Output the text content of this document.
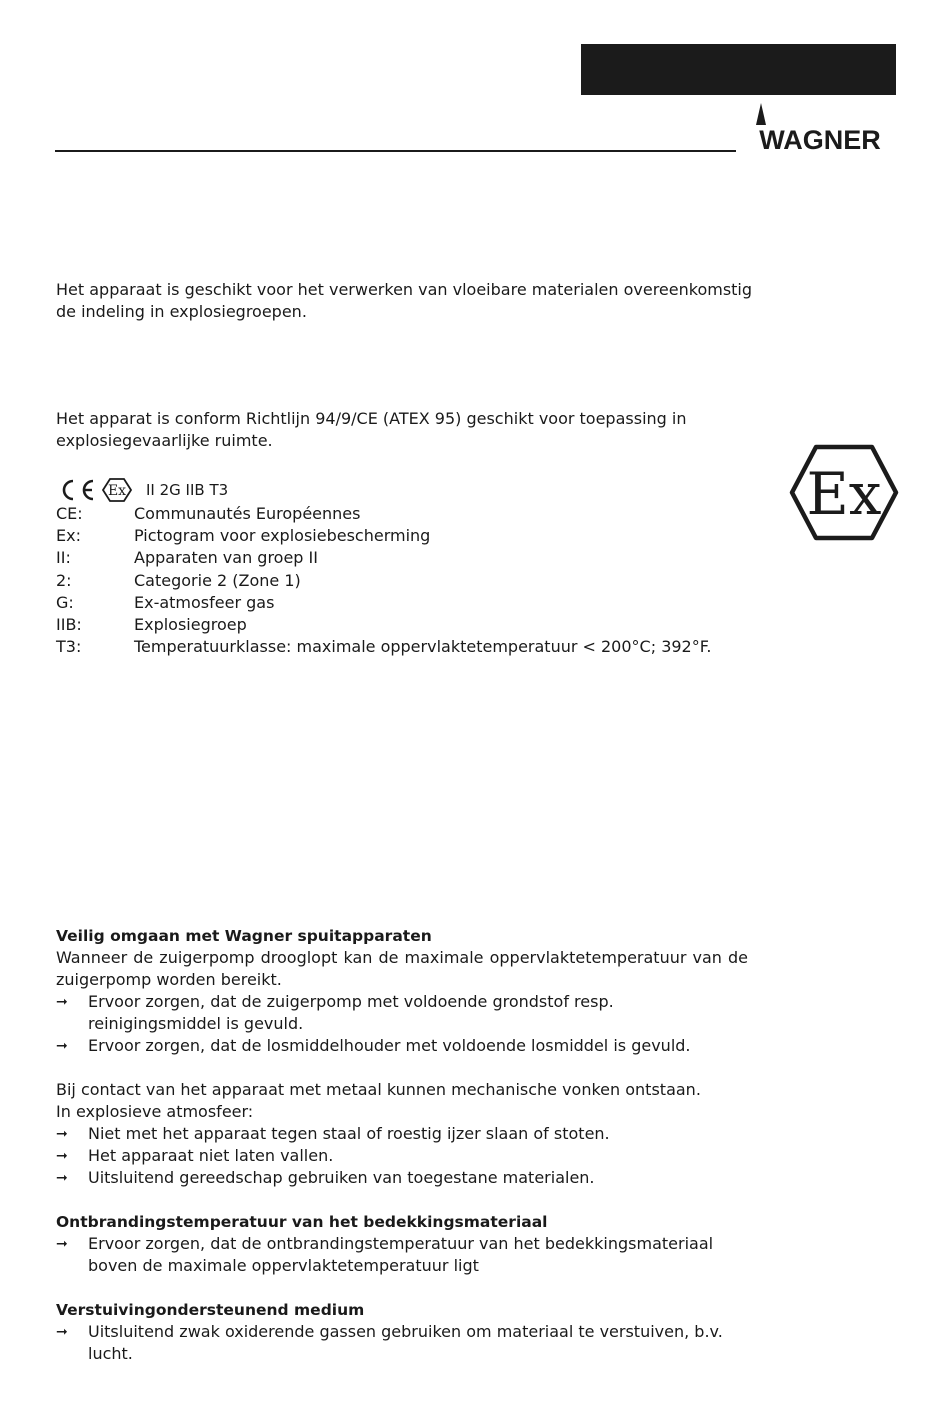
WAGNER
Het apparaat is geschikt voor het verwerken van vloeibare materialen overeenkomstig de indeling in explosiegroepen.
Het apparat is conform Richtlijn 94/9/CE (ATEX 95) geschikt voor toepassing in explosiegevaarlijke ruimte.
Ex II 2G IIB T3
CE:	Communautés Européennes
Ex:	Pictogram voor explosiebescherming
II:	Apparaten van groep II
2:	Categorie 2 (Zone 1)
G:	Ex-atmosfeer gas
IIB:	Explosiegroep
T3:	Temperatuurklasse: maximale oppervlaktetemperatuur < 200°C; 392°F.
Ex
Veilig omgaan met Wagner spuitapparaten
Wanneer de zuigerpomp drooglopt kan de maximale oppervlaktetemperatuur van de zuigerpomp worden bereikt.
➞	Ervoor zorgen, dat de zuigerpomp met voldoende grondstof resp. reinigingsmiddel is gevuld.
➞	Ervoor zorgen, dat de losmiddelhouder met voldoende losmiddel is gevuld.
Bij contact van het apparaat met metaal kunnen mechanische vonken ontstaan.
In explosieve atmosfeer:
➞	Niet met het apparaat tegen staal of roestig ijzer slaan of stoten.
➞	Het apparaat niet laten vallen.
➞	Uitsluitend gereedschap gebruiken van toegestane materialen.
Ontbrandingstemperatuur van het bedekkingsmateriaal
➞	Ervoor zorgen, dat de ontbrandingstemperatuur van het bedekkingsmateriaal boven de maximale oppervlaktetemperatuur ligt
Verstuivingondersteunend medium
➞	Uitsluitend zwak oxiderende gassen gebruiken om materiaal te verstuiven, b.v. lucht.
